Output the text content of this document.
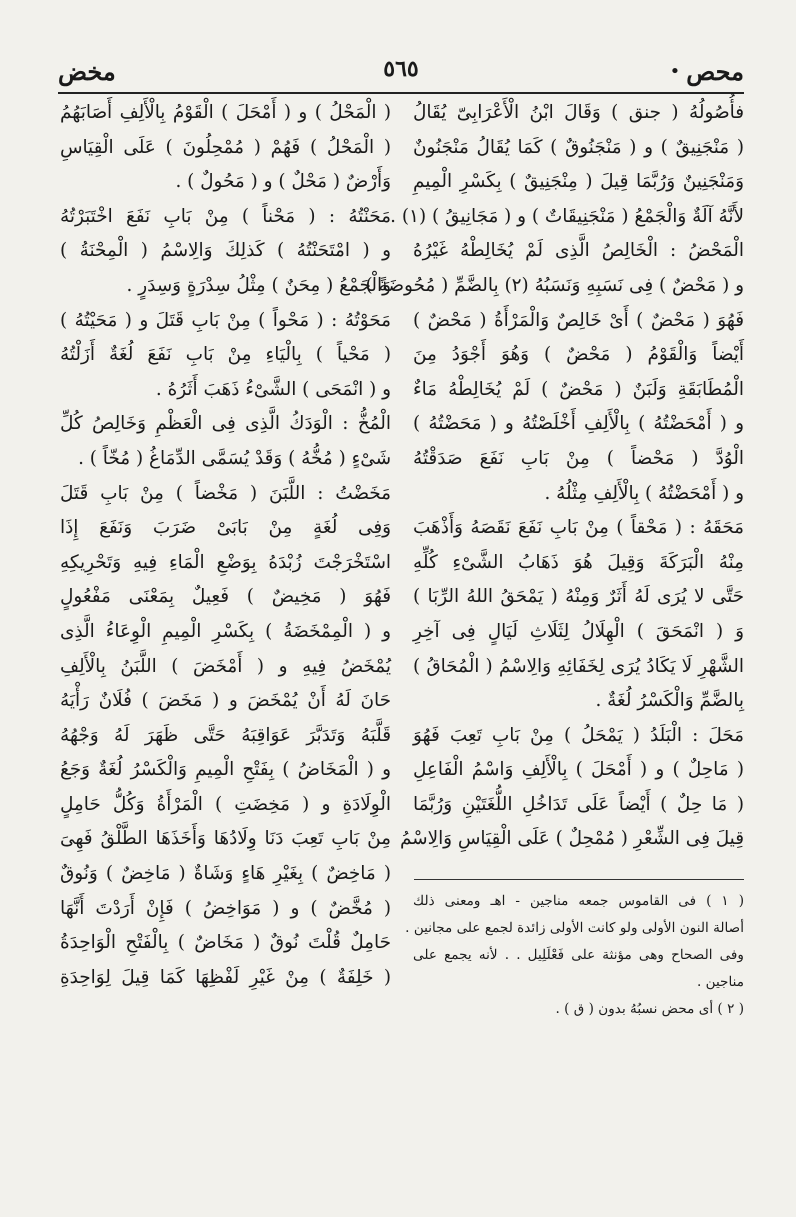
محص
•
٥٦٥
مخض
فأُصُولُهُ ( جنق ) وَقَالَ ابْنُ الْأَعْرَابِىّ يُقَالُ
( مَنْجَنِيقٌ ) و ( مَنْجَنُوقٌ ) كَمَا يُقَالُ مَنْجَنُونٌ
وَمَنْجَنِينٌ وَرُبَّمَا قِيلَ ( مِنْجَنِيقٌ ) بِكَسْرِ الْمِيمِ
لأَنَّهُ آلَةٌ وَالْجَمْعُ ( مَنْجَنِيقَاتٌ ) و ( مَجَانِيقُ ) (١) .
الْمَحْضُ : الْخَالِصُ الَّذِى لَمْ يُخَالِطْهُ غَيْرُهُ
و ( مَحْضٌ ) فِى نَسَبِهِ وَنَسَبُهُ (٢) بِالضَّمِّ ( مُحُوضَةً )
فَهُوَ ( مَحْضٌ ) أَىْ خَالِصٌ وَالْمَرْأَةُ ( مَحْضٌ )
أَيْضاً وَالْقَوْمُ ( مَحْضٌ ) وَهُوَ أَجْوَدُ مِنَ
الْمُطَابَقَةِ وَلَبَنٌ ( مَحْضٌ ) لَمْ يُخَالِطْهُ مَاءٌ
و ( أَمْحَضْتُهُ ) بِالْأَلِفِ أَخْلَصْتُهُ و ( مَحَضْتُهُ )
الْوُدَّ ( مَحْضاً ) مِنْ بَابِ نَفَعَ صَدَقْتُهُ
و ( أَمْحَضْتُهُ ) بِالْأَلِفِ مِثْلُهُ .
مَحَقَهُ : ( مَحْقاً ) مِنْ بَابِ نَفَعَ نَقَصَهُ وَأَذْهَبَ
مِنْهُ الْبَرَكَةَ وَقِيلَ هُوَ ذَهَابُ الشَّىْءِ كُلِّهِ
حَتَّى لا يُرَى لَهُ أَثَرٌ وَمِنْهُ ( يَمْحَقُ اللهُ الرِّبَا )
وَ ( انْمَحَقَ ) الْهِلَالُ لِثَلَاثِ لَيَالٍ فِى آخِرِ
الشَّهْرِ لَا يَكَادُ يُرَى لِخَفَائِهِ وَالِاسْمُ ( الْمُحَاقُ )
بِالضَّمِّ وَالْكَسْرُ لُغَةٌ .
مَحَلَ : الْبَلَدُ ( يَمْحَلُ ) مِنْ بَابِ تَعِبَ فَهُوَ
( مَاحِلٌ ) و ( أَمْحَلَ ) بِالْأَلِفِ وَاسْمُ الْفَاعِلِ
( مَا حِلٌ ) أَيْضاً عَلَى تَدَاخُلِ اللُّغَتَيْنِ وَرُبَّمَا
قِيلَ فِى الشِّعْرِ ( مُمْحِلٌ ) عَلَى الْقِيَاسِ وَالِاسْمُ
( ١ ) فى القاموس جمعه مناجين - اهـ ومعنى ذلك
أصالة النون الأولى ولو كانت الأولى زائدة لجمع على مجانين .
وفى الصحاح وهى مؤنثة على فَعْلَلِيل . . لأنه يجمع على
مناجين .
( ٢ ) أى محض نسبُهُ بدون ( ق ) .
( الْمَحْلُ ) و ( أَمْحَلَ ) الْقَوْمُ بِالْأَلِفِ أَصَابَهُمُ
( الْمَحْلُ ) فَهُمْ ( مُمْحِلُونَ ) عَلَى الْقِيَاسِ
وَأَرْضٌ ( مَحْلٌ ) و ( مَحُولٌ ) .
مَحَنْتُهُ : ( مَحْناً ) مِنْ بَابِ نَفَعَ اخْتَبَرْتُهُ
و ( امْتَحَنْتُهُ ) كَذلِكَ وَالِاسْمُ ( الْمِحْنَةُ )
وَالْجَمْعُ ( مِحَنٌ ) مِثْلُ سِدْرَةٍ وَسِدَرٍ .
مَحَوْتُهُ : ( مَحْواً ) مِنْ بَابِ قَتَلَ و ( مَحَيْتُهُ )
( مَحْياً ) بِالْيَاءِ مِنْ بَابِ نَفَعَ لُغَةٌ أَزَلْتُهُ
و ( انْمَحَى ) الشَّىْءُ ذَهَبَ أَثَرُهُ .
الْمُخُّ : الْوَدَكُ الَّذِى فِى الْعَظْمِ وَخَالِصُ كُلِّ
شَىْءٍ ( مُخُّهُ ) وَقَدْ يُسَمَّى الدِّمَاغُ ( مُخّاً ) .
مَخَضْتُ : اللَّبَنَ ( مَخْضاً ) مِنْ بَابِ قَتَلَ
وَفِى لُغَةٍ مِنْ بَابَىْ ضَرَبَ وَنَفَعَ إِذَا
اسْتَخْرَجْتَ زُبْدَهُ بِوَضْعِ الْمَاءِ فِيهِ وَتَحْرِيكِهِ
فَهُوَ ( مَخِيضٌ ) فَعِيلٌ بِمَعْنَى مَفْعُولٍ
و ( الْمِمْخَضَةُ ) بِكَسْرِ الْمِيمِ الْوِعَاءُ الَّذِى
يُمْخَضُ فِيهِ و ( أَمْخَضَ ) اللَّبَنُ بِالْأَلِفِ
حَانَ لَهُ أَنْ يُمْخَضَ و ( مَخَضَ ) فُلَانٌ رَأْيَهُ
قَلَّبَهُ وَتَدَبَّرَ عَوَاقِبَهُ حَتَّى ظَهَرَ لَهُ وَجْهُهُ
و ( الْمَخَاضُ ) بِفَتْحِ الْمِيمِ وَالْكَسْرُ لُغَةٌ وَجَعُ
الْوِلَادَةِ و ( مَخِضَتِ ) الْمَرْأَةُ وَكُلُّ حَامِلٍ
مِنْ بَابِ تَعِبَ دَنَا وِلَادُهَا وَأَخَذَهَا الطَّلْقُ فَهِىَ
( مَاخِضٌ ) بِغَيْرِ هَاءٍ وَشَاةٌ ( مَاخِضٌ ) وَنُوقٌ
( مُخَّضٌ ) و ( مَوَاخِضُ ) فَإِنْ أَرَدْتَ أَنَّهَا
حَامِلٌ قُلْتَ نُوقٌ ( مَخَاضٌ ) بِالْفَتْحِ الْوَاحِدَةُ
( خَلِفَةٌ ) مِنْ غَيْرِ لَفْظِهَا كَمَا قِيلَ لِوَاحِدَةِ
